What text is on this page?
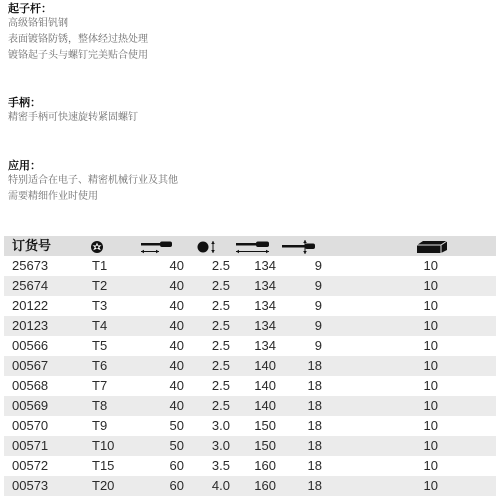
起子杆：

高级铬钼钒钢

表面镀铬防锈，整体经过热处理

镀铬起子头与螺钉完美贴合使用

手柄：

精密手柄可快速旋转紧固螺钉

应用：

特别适合在电子、精密机械行业及其他

需要精细作业时使用

订货号						
25673	T1	40	2.5	134	9	10
25674	T2	40	2.5	134	9	10
20122	T3	40	2.5	134	9	10
20123	T4	40	2.5	134	9	10
00566	T5	40	2.5	134	9	10
00567	T6	40	2.5	140	18	10
00568	T7	40	2.5	140	18	10
00569	T8	40	2.5	140	18	10
00570	T9	50	3.0	150	18	10
00571	T10	50	3.0	150	18	10
00572	T15	60	3.5	160	18	10
00573	T20	60	4.0	160	18	10
